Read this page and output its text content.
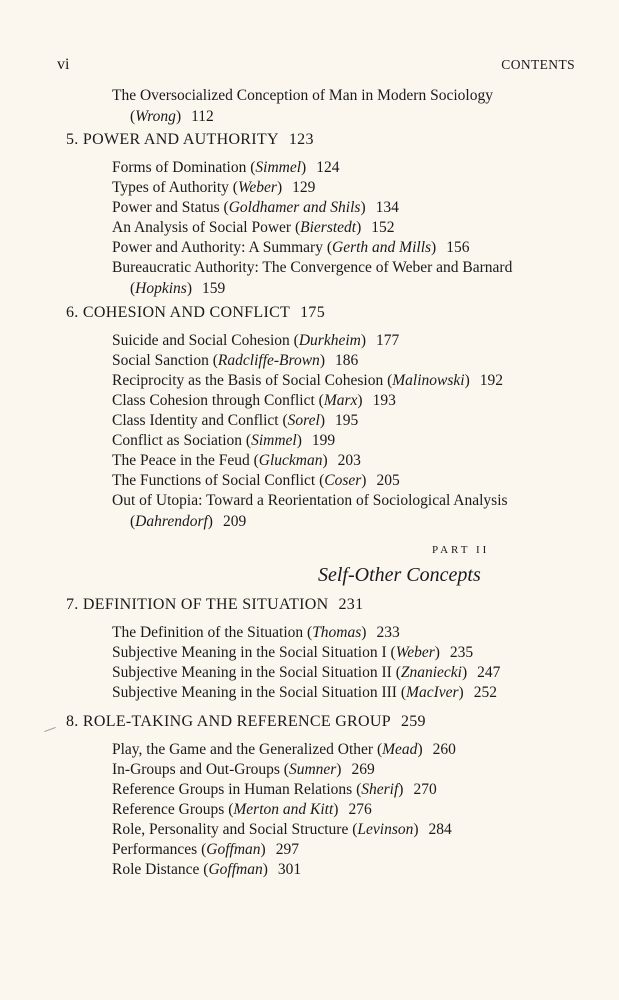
vi	CONTENTS
The Oversocialized Conception of Man in Modern Sociology
(Wrong) 112
5. POWER AND AUTHORITY 123
Forms of Domination (Simmel) 124
Types of Authority (Weber) 129
Power and Status (Goldhamer and Shils) 134
An Analysis of Social Power (Bierstedt) 152
Power and Authority: A Summary (Gerth and Mills) 156
Bureaucratic Authority: The Convergence of Weber and Barnard
(Hopkins) 159
6. COHESION AND CONFLICT 175
Suicide and Social Cohesion (Durkheim) 177
Social Sanction (Radcliffe-Brown) 186
Reciprocity as the Basis of Social Cohesion (Malinowski) 192
Class Cohesion through Conflict (Marx) 193
Class Identity and Conflict (Sorel) 195
Conflict as Sociation (Simmel) 199
The Peace in the Feud (Gluckman) 203
The Functions of Social Conflict (Coser) 205
Out of Utopia: Toward a Reorientation of Sociological Analysis
(Dahrendorf) 209
PART II
Self-Other Concepts
7. DEFINITION OF THE SITUATION 231
The Definition of the Situation (Thomas) 233
Subjective Meaning in the Social Situation I (Weber) 235
Subjective Meaning in the Social Situation II (Znaniecki) 247
Subjective Meaning in the Social Situation III (MacIver) 252
8. ROLE-TAKING AND REFERENCE GROUP 259
Play, the Game and the Generalized Other (Mead) 260
In-Groups and Out-Groups (Sumner) 269
Reference Groups in Human Relations (Sherif) 270
Reference Groups (Merton and Kitt) 276
Role, Personality and Social Structure (Levinson) 284
Performances (Goffman) 297
Role Distance (Goffman) 301
